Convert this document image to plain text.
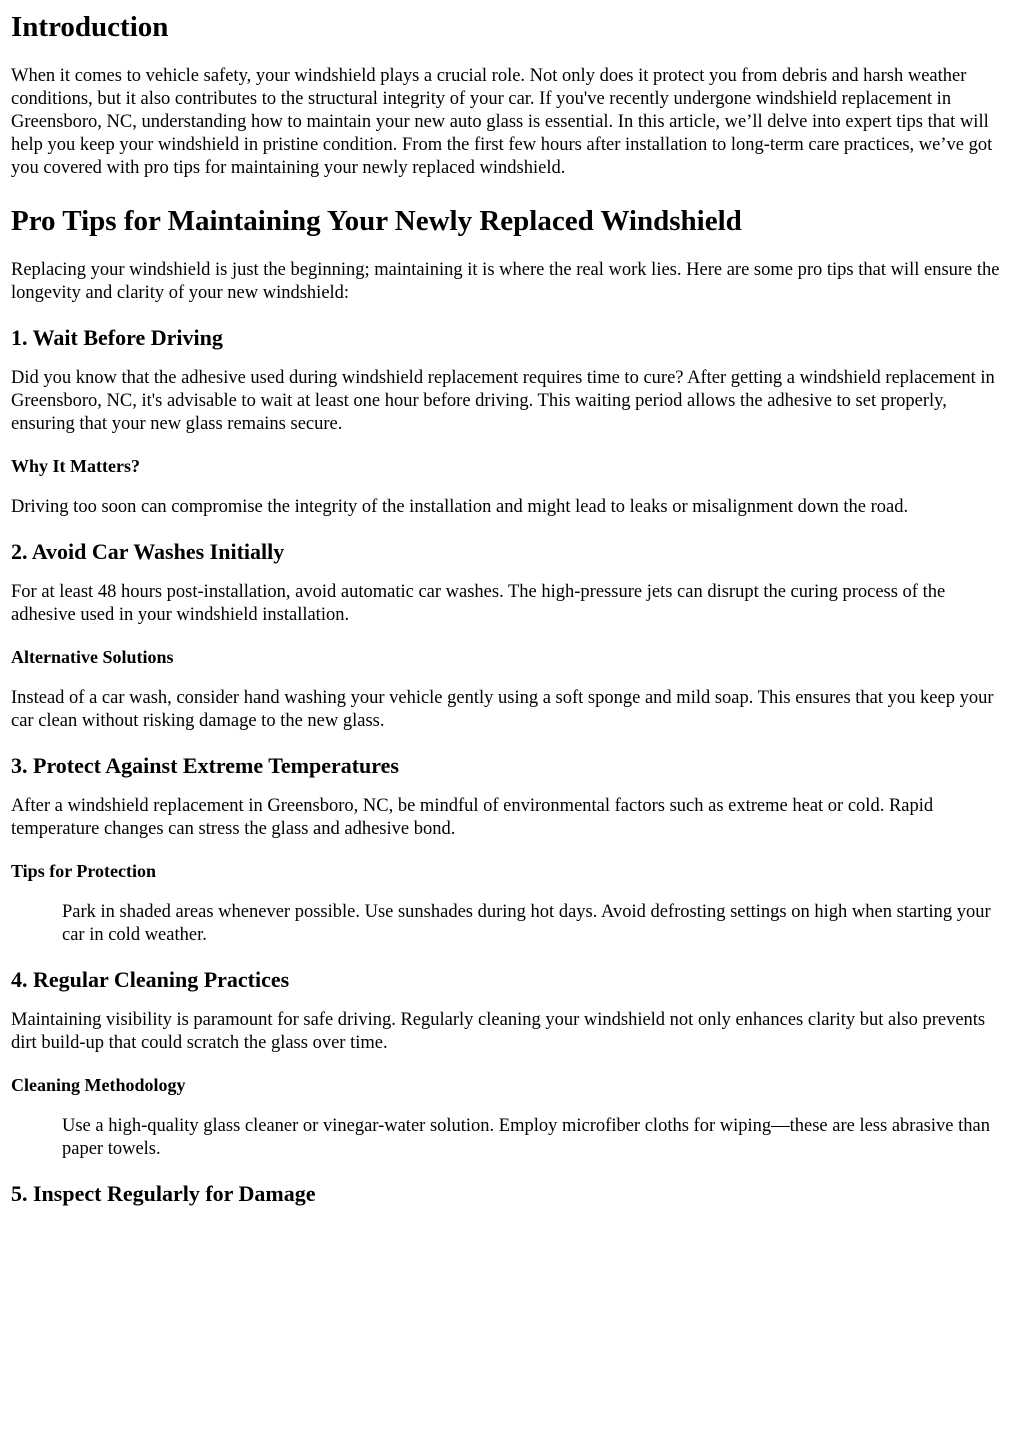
Introduction

When it comes to vehicle safety, your windshield plays a crucial role. Not only does it protect you from debris and harsh weather conditions, but it also contributes to the structural integrity of your car. If you've recently undergone windshield replacement in Greensboro, NC, understanding how to maintain your new auto glass is essential. In this article, we’ll delve into expert tips that will help you keep your windshield in pristine condition. From the first few hours after installation to long-term care practices, we’ve got you covered with pro tips for maintaining your newly replaced windshield.

Pro Tips for Maintaining Your Newly Replaced Windshield

Replacing your windshield is just the beginning; maintaining it is where the real work lies. Here are some pro tips that will ensure the longevity and clarity of your new windshield:

1. Wait Before Driving

Did you know that the adhesive used during windshield replacement requires time to cure? After getting a windshield replacement in Greensboro, NC, it's advisable to wait at least one hour before driving. This waiting period allows the adhesive to set properly, ensuring that your new glass remains secure.

Why It Matters?

Driving too soon can compromise the integrity of the installation and might lead to leaks or misalignment down the road.

2. Avoid Car Washes Initially

For at least 48 hours post-installation, avoid automatic car washes. The high-pressure jets can disrupt the curing process of the adhesive used in your windshield installation.

Alternative Solutions

Instead of a car wash, consider hand washing your vehicle gently using a soft sponge and mild soap. This ensures that you keep your car clean without risking damage to the new glass.

3. Protect Against Extreme Temperatures

After a windshield replacement in Greensboro, NC, be mindful of environmental factors such as extreme heat or cold. Rapid temperature changes can stress the glass and adhesive bond.

Tips for Protection

Park in shaded areas whenever possible. Use sunshades during hot days. Avoid defrosting settings on high when starting your car in cold weather.

4. Regular Cleaning Practices

Maintaining visibility is paramount for safe driving. Regularly cleaning your windshield not only enhances clarity but also prevents dirt build-up that could scratch the glass over time.

Cleaning Methodology

Use a high-quality glass cleaner or vinegar-water solution. Employ microfiber cloths for wiping—these are less abrasive than paper towels.

5. Inspect Regularly for Damage
